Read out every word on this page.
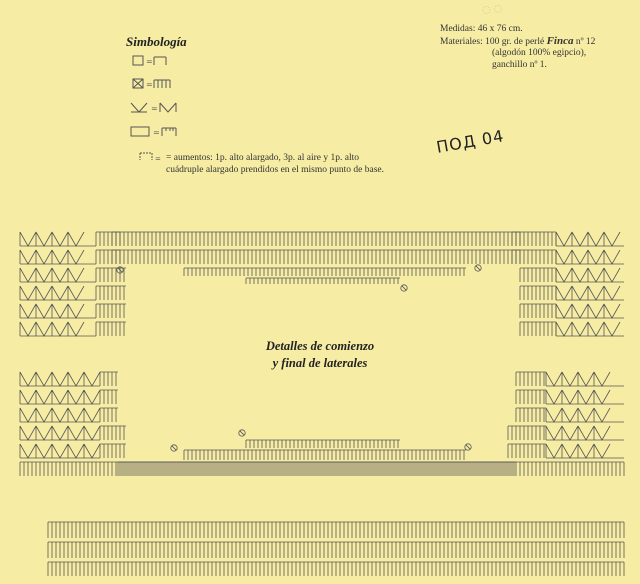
◌ ◌
Simbología
=
=
=
=
= = aumentos: 1p. alto alargado, 3p. al aire y 1p. alto cuádruple alargado prendidos en el mismo punto de base.
Medidas: 46 x 76 cm.
Materiales: 100 gr. de perlé Finca nº 12
(algodón 100% egipcio),
ganchillo nº 1.
ПОД 04
Detalles de comienzo
y final de laterales
